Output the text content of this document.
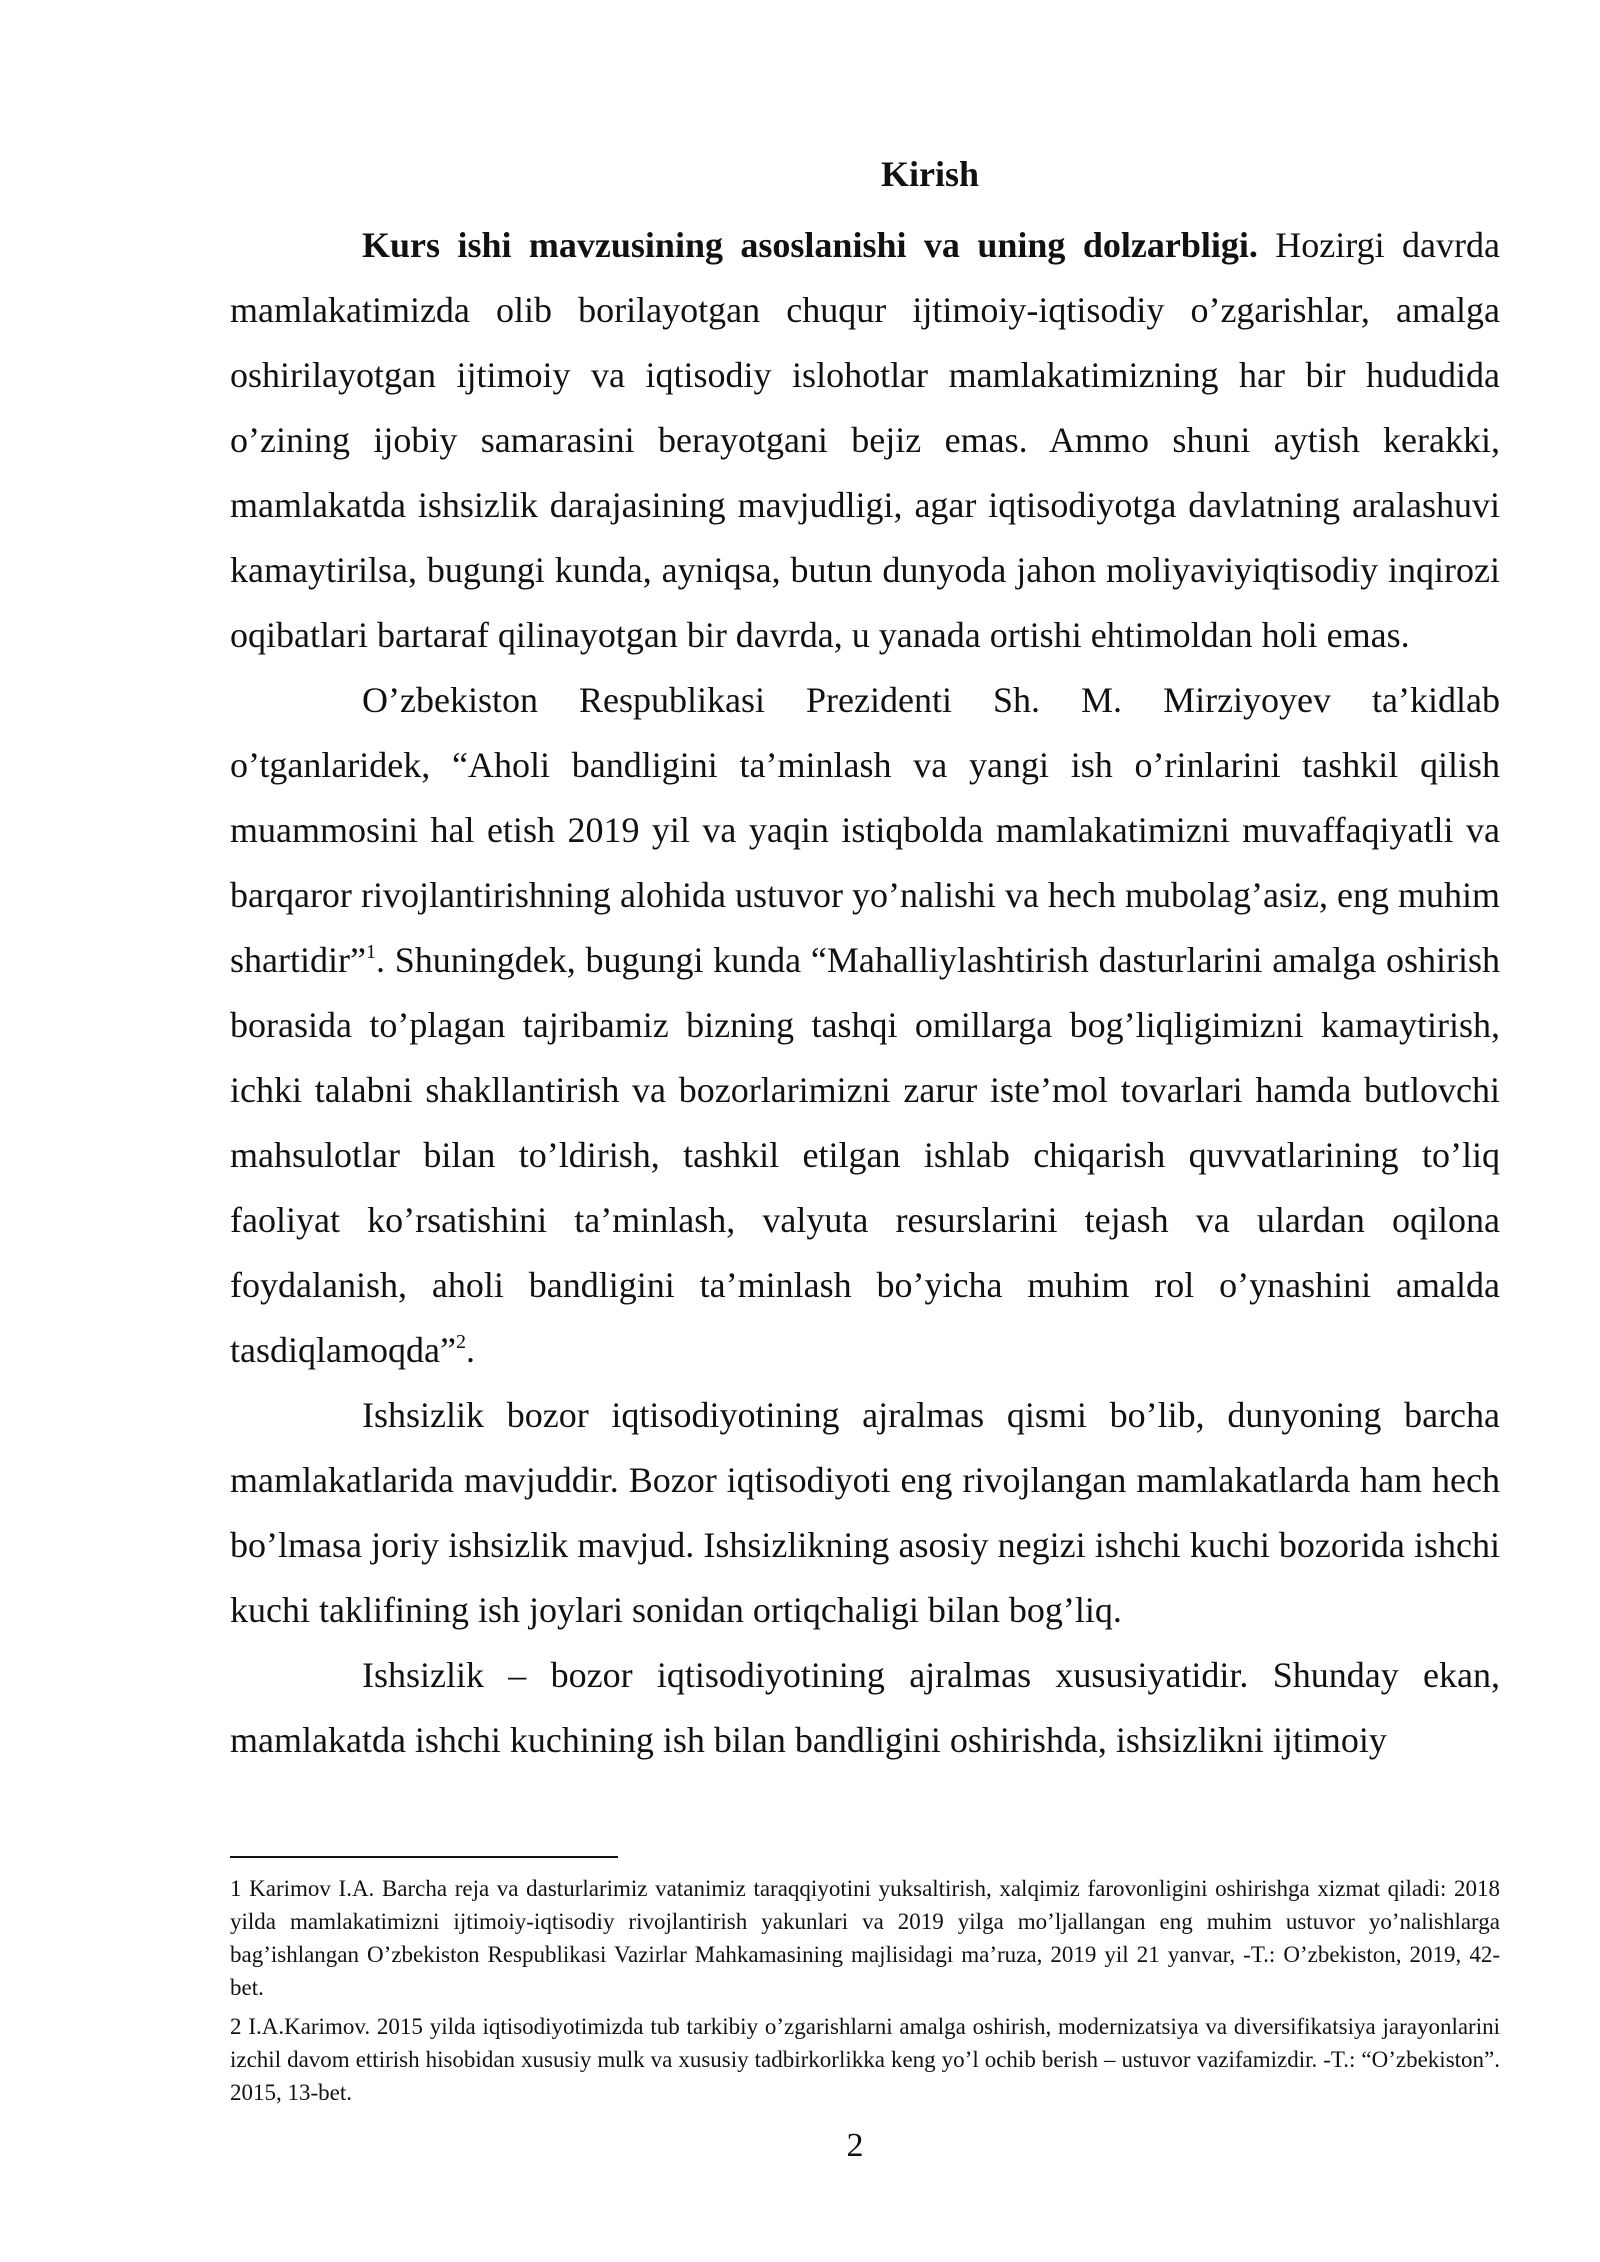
Kirish

Kurs ishi mavzusining asoslanishi va uning dolzarbligi. Hozirgi davrda mamlakatimizda olib borilayotgan chuqur ijtimoiy-iqtisodiy o’zgarishlar, amalga oshirilayotgan ijtimoiy va iqtisodiy islohotlar mamlakatimizning har bir hududida o’zining ijobiy samarasini berayotgani bejiz emas. Ammo shuni aytish kerakki, mamlakatda ishsizlik darajasining mavjudligi, agar iqtisodiyotga davlatning aralashuvi kamaytirilsa, bugungi kunda, ayniqsa, butun dunyoda jahon moliyaviyiqtisodiy inqirozi oqibatlari bartaraf qilinayotgan bir davrda, u yanada ortishi ehtimoldan holi emas.

O’zbekiston Respublikasi Prezidenti Sh. M. Mirziyoyev ta’kidlab o’tganlaridek, “Aholi bandligini ta’minlash va yangi ish o’rinlarini tashkil qilish muammosini hal etish 2019 yil va yaqin istiqbolda mamlakatimizni muvaffaqiyatli va barqaror rivojlantirishning alohida ustuvor yo’nalishi va hech mubolag’asiz, eng muhim shartidir”$^1$. Shuningdek, bugungi kunda “Mahalliylashtirish dasturlarini amalga oshirish borasida to’plagan tajribamiz bizning tashqi omillarga bog’liqligimizni kamaytirish, ichki talabni shakllantirish va bozorlarimizni zarur iste’mol tovarlari hamda butlovchi mahsulotlar bilan to’ldirish, tashkil etilgan ishlab chiqarish quvvatlarining to’liq faoliyat ko’rsatishini ta’minlash, valyuta resurslarini tejash va ulardan oqilona foydalanish, aholi bandligini ta’minlash bo’yicha muhim rol o’ynashini amalda tasdiqlamoqda”$^2$.

Ishsizlik bozor iqtisodiyotining ajralmas qismi bo’lib, dunyoning barcha mamlakatlarida mavjuddir. Bozor iqtisodiyoti eng rivojlangan mamlakatlarda ham hech bo’lmasa joriy ishsizlik mavjud. Ishsizlikning asosiy negizi ishchi kuchi bozorida ishchi kuchi taklifining ish joylari sonidan ortiqchaligi bilan bog’liq.

Ishsizlik – bozor iqtisodiyotining ajralmas xususiyatidir. Shunday ekan, mamlakatda ishchi kuchining ish bilan bandligini oshirishda, ishsizlikni ijtimoiy

1 Karimov I.A. Barcha reja va dasturlarimiz vatanimiz taraqqiyotini yuksaltirish, xalqimiz farovonligini oshirishga xizmat qiladi: 2018 yilda mamlakatimizni ijtimoiy-iqtisodiy rivojlantirish yakunlari va 2019 yilga mo’ljallangan eng muhim ustuvor yo’nalishlarga bag’ishlangan O’zbekiston Respublikasi Vazirlar Mahkamasining majlisidagi ma’ruza, 2019 yil 21 yanvar, -T.: O’zbekiston, 2019, 42-bet.

2 I.A.Karimov. 2015 yilda iqtisodiyotimizda tub tarkibiy o’zgarishlarni amalga oshirish, modernizatsiya va diversifikatsiya jarayonlarini izchil davom ettirish hisobidan xususiy mulk va xususiy tadbirkorlikka keng yo’l ochib berish – ustuvor vazifamizdir. -T.: “O’zbekiston”. 2015, 13-bet.

2
